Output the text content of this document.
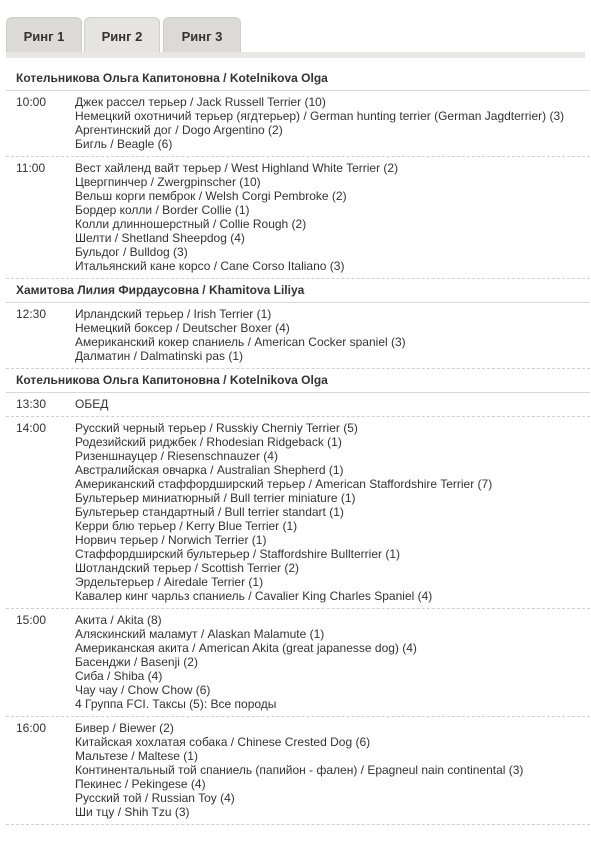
Ринг 1	Ринг 2	Ринг 3
Котельникова Ольга Капитоновна / Kotelnikova Olga
10:00 Джек рассел терьер / Jack Russell Terrier (10)
Немецкий охотничий терьер (ягдтерьер) / German hunting terrier (German Jagdterrier) (3)
Аргентинский дог / Dogo Argentino (2)
Бигль / Beagle (6)
11:00 Вест хайленд вайт терьер / West Highland White Terrier (2)
Цвергпинчер / Zwergpinscher (10)
Вельш корги пемброк / Welsh Corgi Pembroke (2)
Бордер колли / Border Collie (1)
Колли длинношерстный / Collie Rough (2)
Шелти / Shetland Sheepdog (4)
Бульдог / Bulldog (3)
Итальянский кане корсо / Cane Corso Italiano (3)
Хамитова Лилия Фирдаусовна / Khamitova Liliya
12:30 Ирландский терьер / Irish Terrier (1)
Немецкий боксер / Deutscher Boxer (4)
Американский кокер спаниель / American Cocker spaniel (3)
Далматин / Dalmatinski pas (1)
Котельникова Ольга Капитоновна / Kotelnikova Olga
13:30 ОБЕД
14:00 Русский черный терьер / Russkiy Cherniy Terrier (5)
Родезийский риджбек / Rhodesian Ridgeback (1)
Ризеншнауцер / Riesenschnauzer (4)
Австралийская овчарка / Australian Shepherd (1)
Американский стаффордширский терьер / American Staffordshire Terrier (7)
Бультерьер миниатюрный / Bull terrier miniature (1)
Бультерьер стандартный / Bull terrier standart (1)
Керри блю терьер / Kerry Blue Terrier (1)
Норвич терьер / Norwich Terrier (1)
Стаффордширский бультерьер / Staffordshire Bullterrier (1)
Шотландский терьер / Scottish Terrier (2)
Эрдельтерьер / Airedale Terrier (1)
Кавалер кинг чарльз спаниель / Cavalier King Charles Spaniel (4)
15:00 Акита / Akita (8)
Аляскинский маламут / Alaskan Malamute (1)
Американская акита / American Akita (great japanesse dog) (4)
Басенджи / Basenji (2)
Сиба / Shiba (4)
Чау чау / Chow Chow (6)
4 Группа FCI. Таксы (5): Все породы
16:00 Бивер / Biewer (2)
Китайская хохлатая собака / Chinese Crested Dog (6)
Мальтезе / Maltese (1)
Континентальный той спаниель (папийон - фален) / Epagneul nain continental (3)
Пекинес / Pekingese (4)
Русский той / Russian Toy (4)
Ши тцу / Shih Tzu (3)
